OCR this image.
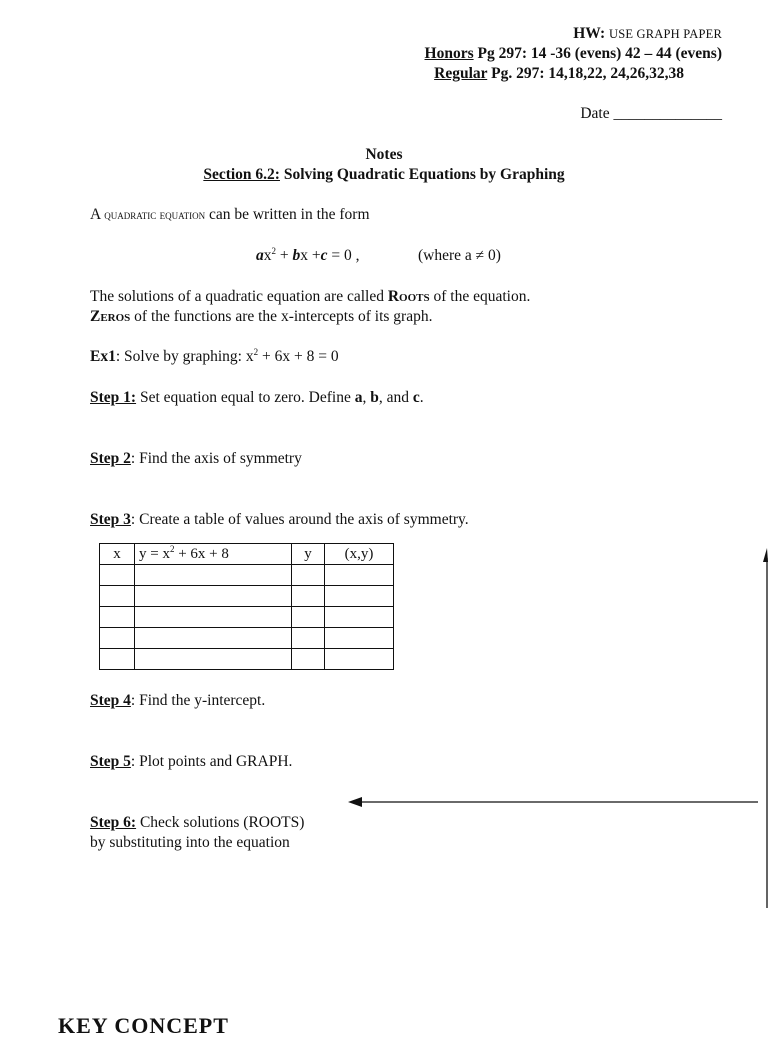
HW: USE GRAPH PAPER
Honors Pg 297: 14 -36 (evens) 42 – 44 (evens)
Regular Pg. 297: 14,18,22, 24,26,32,38
Date ______________
Notes
Section 6.2: Solving Quadratic Equations by Graphing
A quadratic equation can be written in the form
$ax^2$ + bx +c = 0 ,	(where a ≠ 0)
The solutions of a quadratic equation are called Roots of the equation.
Zeros of the functions are the x-intercepts of its graph.
Ex1: Solve by graphing: $x^2 + 6x + 8 = 0$
Step 1: Set equation equal to zero. Define a, b, and c.
Step 2: Find the axis of symmetry
Step 3: Create a table of values around the axis of symmetry.
x	$y = x^2 + 6x + 8$	y	(x,y)

Step 4: Find the y-intercept.
Step 5: Plot points and GRAPH.
Step 6: Check solutions (ROOTS)
by substituting into the equation
KEY CONCEPT
